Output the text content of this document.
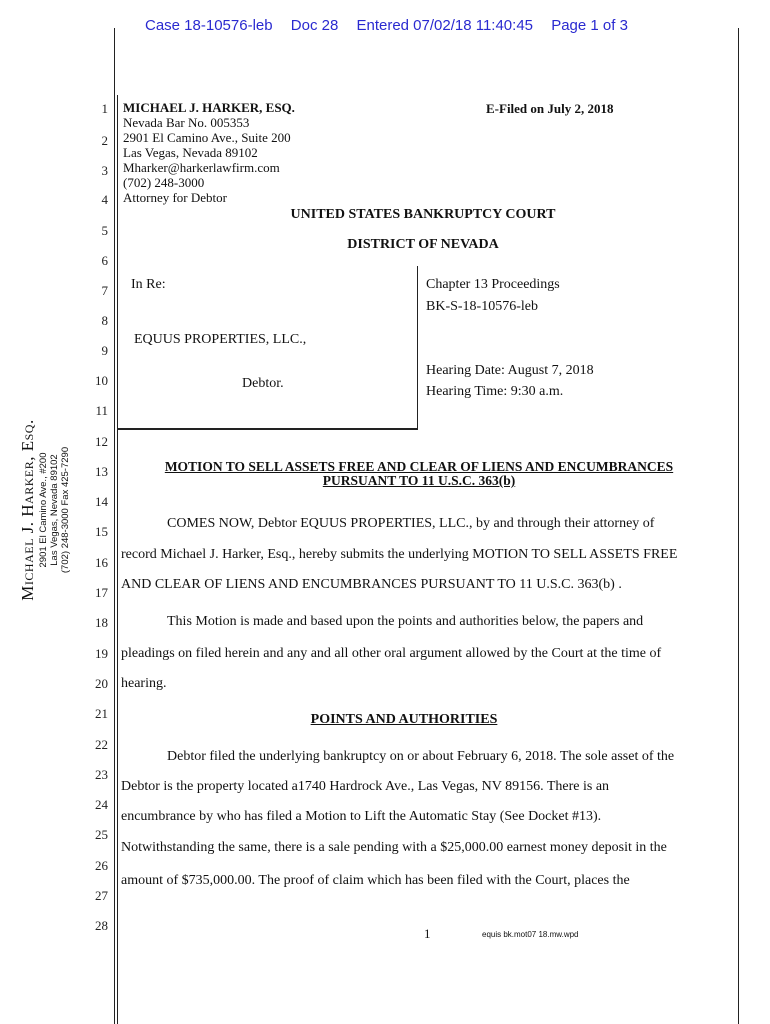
Case 18-10576-leb Doc 28 Entered 07/02/18 11:40:45 Page 1 of 3
Michael J. Harker, Esq. 2901 El Camino Ave., #200 Las Vegas, Nevada 89102 (702) 248-3000 Fax 425-7290
1
2
3
4
5
6
7
8
9
10
11
12
13
14
15
16
17
18
19
20
21
22
23
24
25
26
27
28
MICHAEL J. HARKER, ESQ.
Nevada Bar No. 005353
2901 El Camino Ave., Suite 200
Las Vegas, Nevada 89102
Mharker@harkerlawfirm.com
(702) 248-3000
Attorney for Debtor
E-Filed on July 2, 2018
UNITED STATES BANKRUPTCY COURT
DISTRICT OF NEVADA
In Re:
EQUUS PROPERTIES, LLC.,
Debtor.
Chapter 13 Proceedings
BK-S-18-10576-leb
Hearing Date: August 7, 2018
Hearing Time: 9:30 a.m.
MOTION TO SELL ASSETS FREE AND CLEAR OF LIENS AND ENCUMBRANCES
PURSUANT TO 11 U.S.C. 363(b)
COMES NOW, Debtor EQUUS PROPERTIES, LLC., by and through their attorney of
record Michael J. Harker, Esq., hereby submits the underlying MOTION TO SELL ASSETS FREE
AND CLEAR OF LIENS AND ENCUMBRANCES PURSUANT TO 11 U.S.C. 363(b) .
This Motion is made and based upon the points and authorities below, the papers and
pleadings on filed herein and any and all other oral argument allowed by the Court at the time of
hearing.
POINTS AND AUTHORITIES
Debtor filed the underlying bankruptcy on or about February 6, 2018. The sole asset of the
Debtor is the property located a1740 Hardrock Ave., Las Vegas, NV 89156. There is an
encumbrance by who has filed a Motion to Lift the Automatic Stay (See Docket #13).
Notwithstanding the same, there is a sale pending with a $25,000.00 earnest money deposit in the
amount of $735,000.00. The proof of claim which has been filed with the Court, places the
1	equis bk.mot07 18.mw.wpd
